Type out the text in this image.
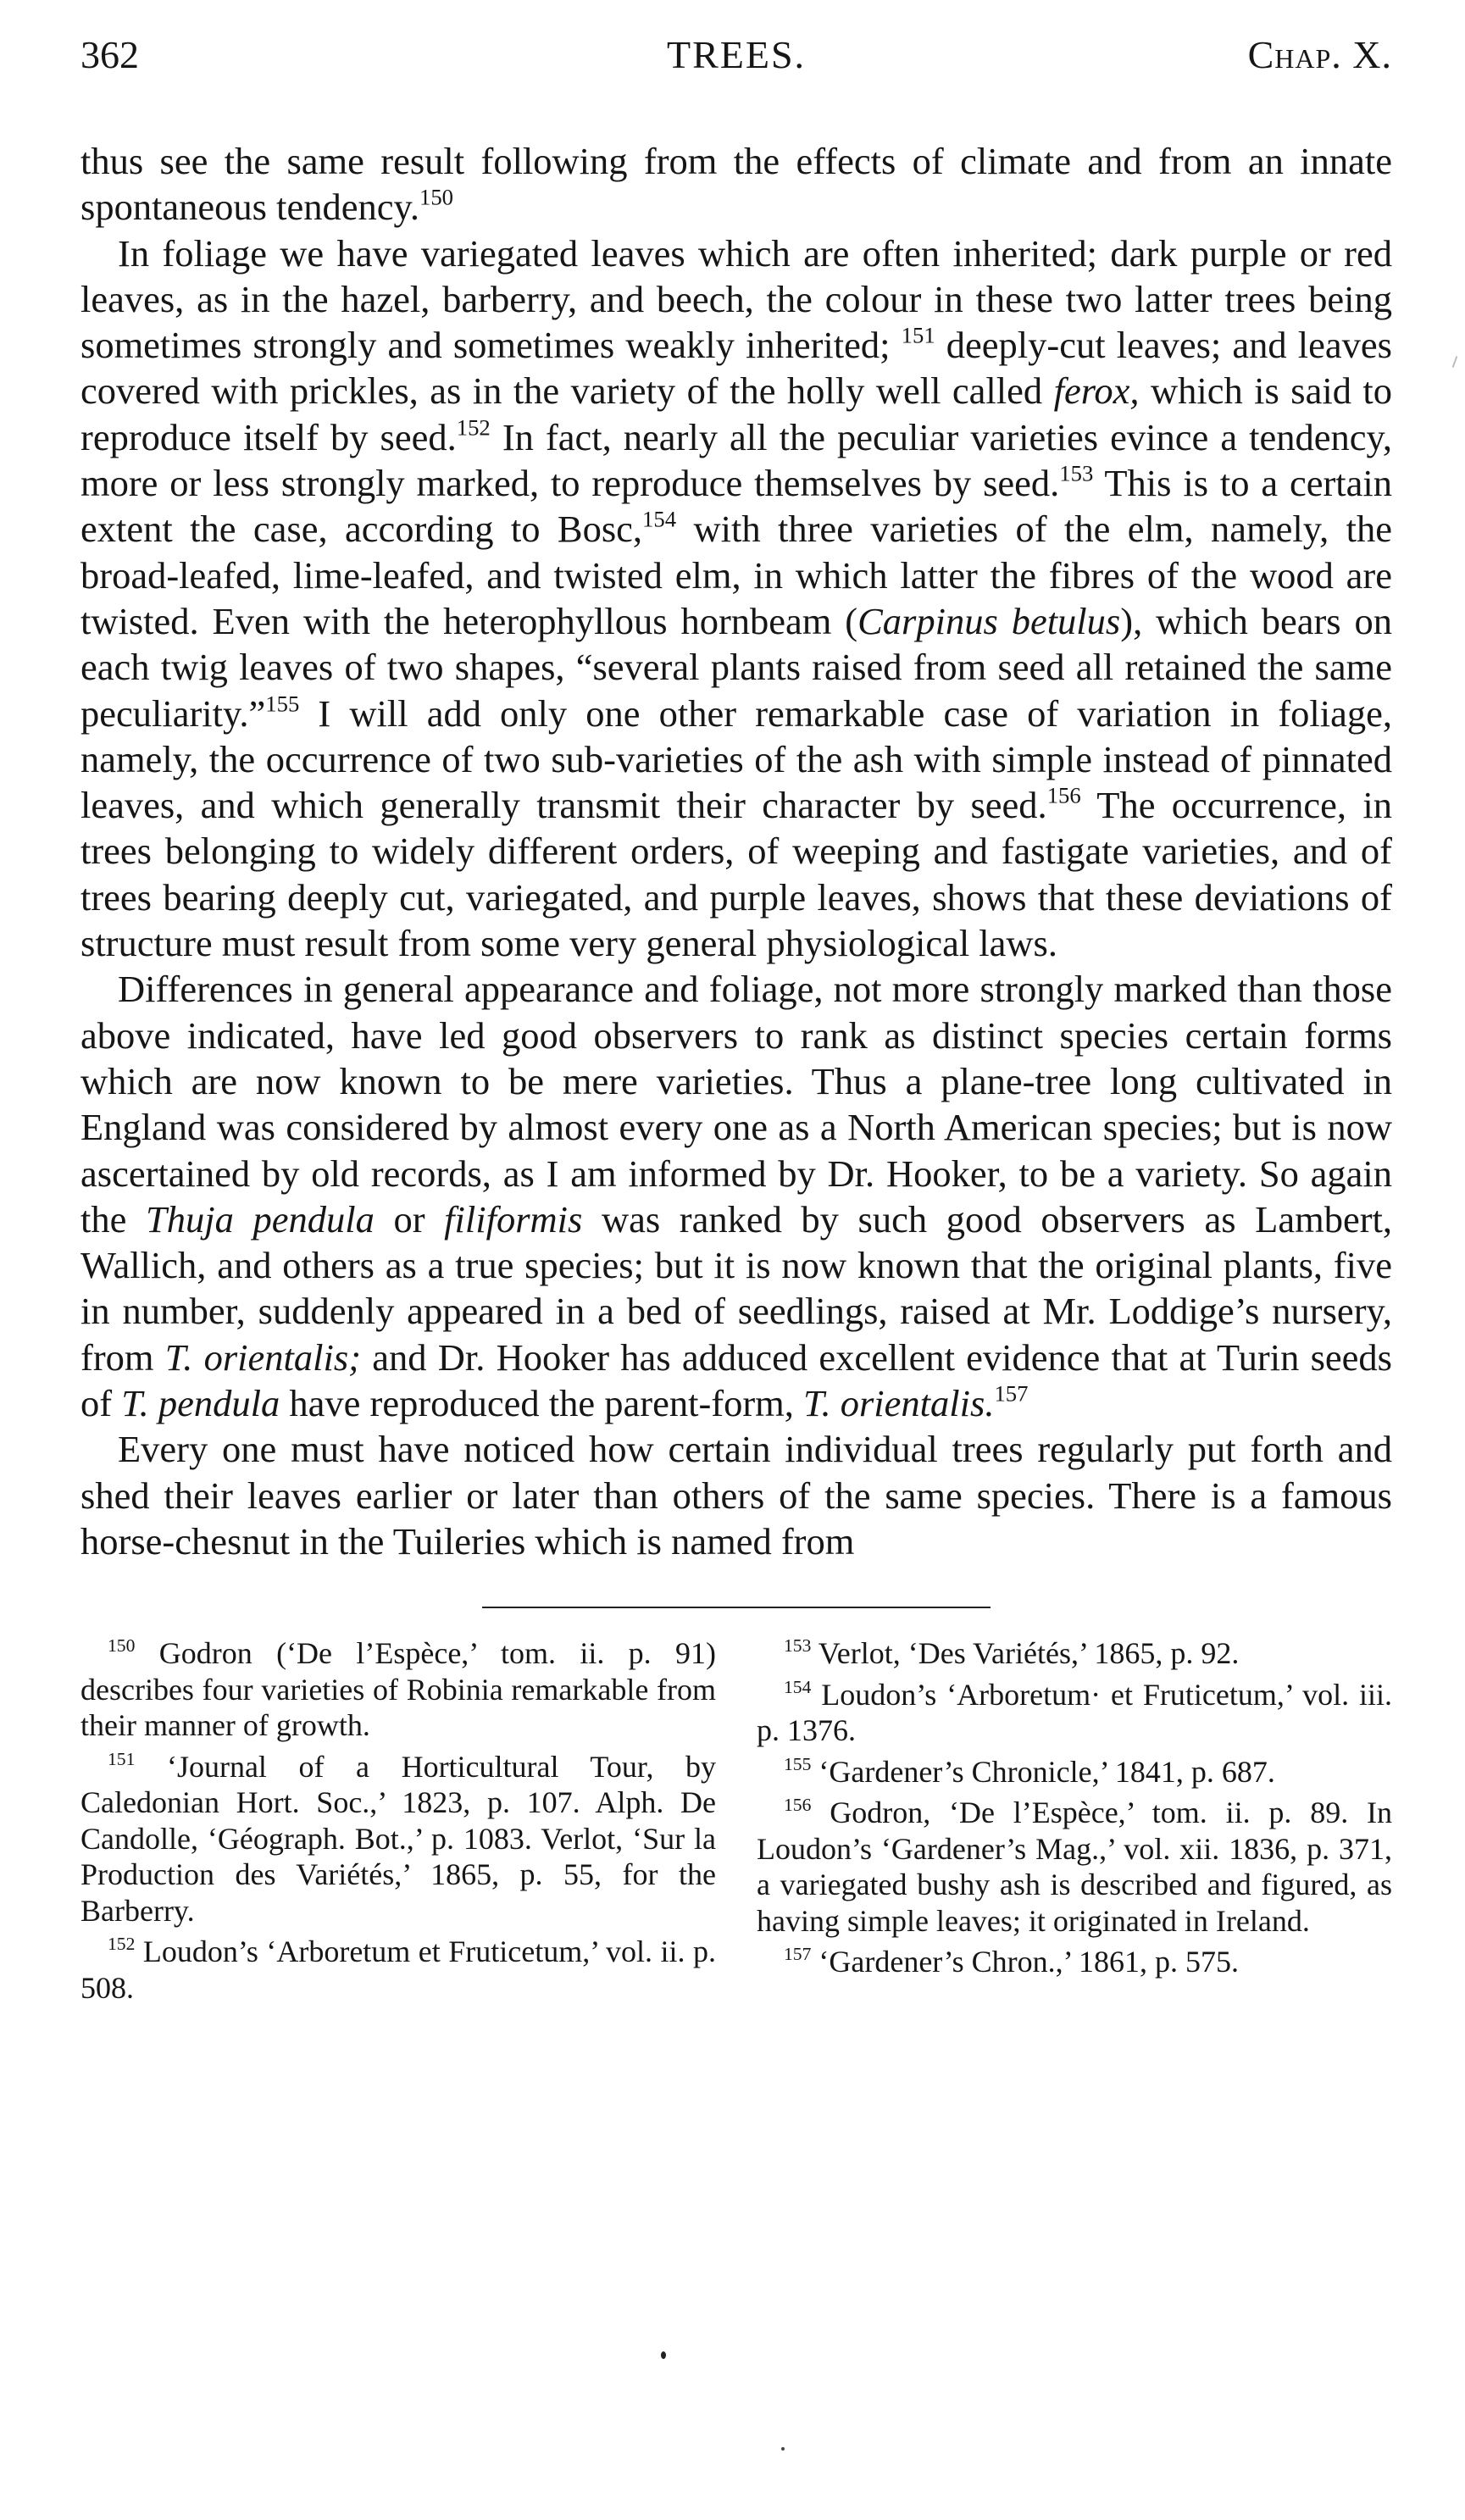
362	TREES.	Chap. X.

thus see the same result following from the effects of climate and from an innate spontaneous tendency.$^{150}$

In foliage we have variegated leaves which are often inherited; dark purple or red leaves, as in the hazel, barberry, and beech, the colour in these two latter trees being sometimes strongly and sometimes weakly inherited; $^{151}$ deeply-cut leaves; and leaves covered with prickles, as in the variety of the holly well called ferox, which is said to reproduce itself by seed.$^{152}$ In fact, nearly all the peculiar varieties evince a tendency, more or less strongly marked, to reproduce themselves by seed.$^{153}$ This is to a certain extent the case, according to Bosc,$^{154}$ with three varieties of the elm, namely, the broad-leafed, lime-leafed, and twisted elm, in which latter the fibres of the wood are twisted. Even with the heterophyllous hornbeam (Carpinus betulus), which bears on each twig leaves of two shapes, “several plants raised from seed all retained the same peculiarity.”$^{155}$ I will add only one other remarkable case of variation in foliage, namely, the occurrence of two sub-varieties of the ash with simple instead of pinnated leaves, and which generally transmit their character by seed.$^{156}$ The occurrence, in trees belonging to widely different orders, of weeping and fastigate varieties, and of trees bearing deeply cut, variegated, and purple leaves, shows that these deviations of structure must result from some very general physiological laws.

Differences in general appearance and foliage, not more strongly marked than those above indicated, have led good observers to rank as distinct species certain forms which are now known to be mere varieties. Thus a plane-tree long cultivated in England was considered by almost every one as a North American species; but is now ascertained by old records, as I am informed by Dr. Hooker, to be a variety. So again the Thuja pendula or filiformis was ranked by such good observers as Lambert, Wallich, and others as a true species; but it is now known that the original plants, five in number, suddenly appeared in a bed of seedlings, raised at Mr. Loddige’s nursery, from T. orientalis; and Dr. Hooker has adduced excellent evidence that at Turin seeds of T. pendula have reproduced the parent-form, T. orientalis.$^{157}$

Every one must have noticed how certain individual trees regularly put forth and shed their leaves earlier or later than others of the same species. There is a famous horse-chesnut in the Tuileries which is named from

$^{150}$ Godron (‘De l’Espèce,’ tom. ii. p. 91) describes four varieties of Robinia remarkable from their manner of growth.

$^{151}$ ‘Journal of a Horticultural Tour, by Caledonian Hort. Soc.,’ 1823, p. 107. Alph. De Candolle, ‘Géograph. Bot.,’ p. 1083. Verlot, ‘Sur la Production des Variétés,’ 1865, p. 55, for the Barberry.

$^{152}$ Loudon’s ‘Arboretum et Fruticetum,’ vol. ii. p. 508.

$^{153}$ Verlot, ‘Des Variétés,’ 1865, p. 92.

$^{154}$ Loudon’s ‘Arboretum· et Fruticetum,’ vol. iii. p. 1376.

$^{155}$ ‘Gardener’s Chronicle,’ 1841, p. 687.

$^{156}$ Godron, ‘De l’Espèce,’ tom. ii. p. 89. In Loudon’s ‘Gardener’s Mag.,’ vol. xii. 1836, p. 371, a variegated bushy ash is described and figured, as having simple leaves; it originated in Ireland.

$^{157}$ ‘Gardener’s Chron.,’ 1861, p. 575.
